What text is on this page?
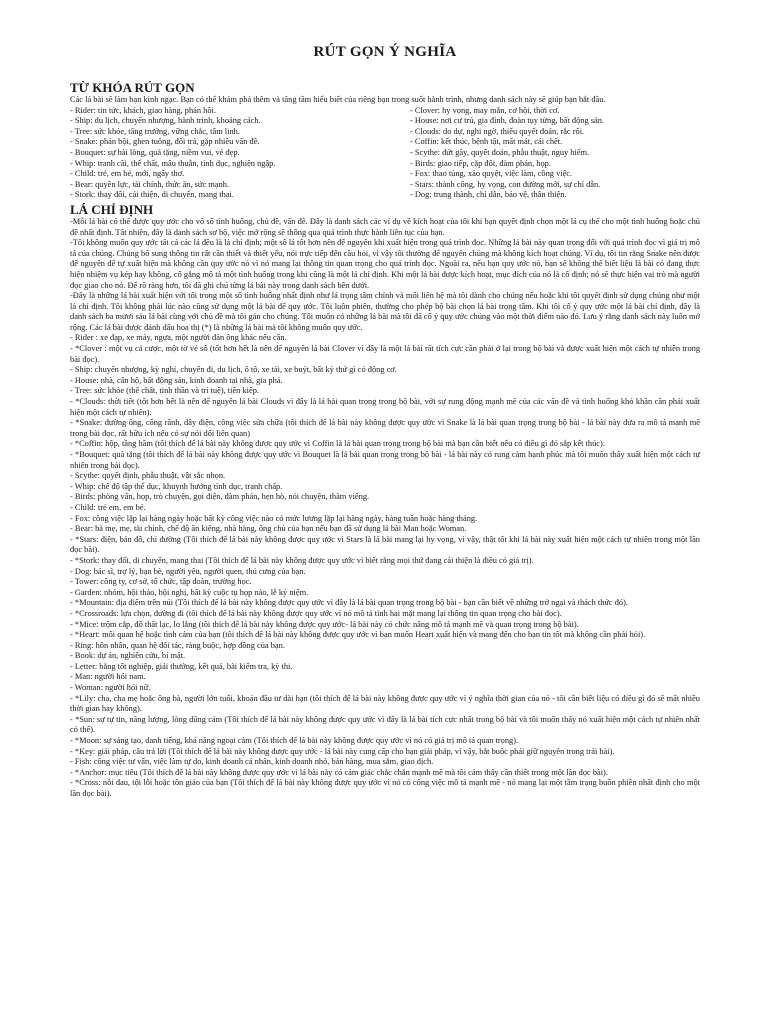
RÚT GỌN Ý NGHĨA
TỪ KHÓA RÚT GỌN

Các lá bài sẽ làm bạn kinh ngạc. Bạn có thể khám phá thêm và tăng tầm hiểu biết của riêng bạn trong suốt hành trình, nhưng danh sách này sẽ giúp bạn bắt đầu.

- Rider: tin tức, khách, giao hàng, phản hồi.	- Clover: hy vọng, may mắn, cơ hội, thời cơ.
- Ship: du lịch, chuyển nhượng, hành trình, khoảng cách.	- House: nơi cư trú, gia đình, đoàn tụy từng, bất động sản.
- Tree: sức khỏe, tăng trưởng, vững chắc, tâm linh.	- Clouds: do dự, nghi ngờ, thiếu quyết đoán, rắc rối.
- Snake: phản bội, ghen tuông, đối trá, gặp nhiều vấn đề.	- Coffin: kết thúc, bệnh tật, mất mát, cái chết.
- Bouquet: sự hài lòng, quà tặng, niềm vui, vẻ đẹp.	- Scythe: đứt gãy, quyết đoán, phẫu thuật, nguy hiểm.
- Whip: tranh cãi, thể chất, mâu thuẫn, tình dục, nghiện ngập.	- Birds: giao tiếp, cặp đôi, đàm phán, họp.
- Child: trẻ, em bé, mới, ngây thơ.	- Fox: thao túng, xảo quyệt, việc làm, công việc.
- Bear: quyền lực, tài chính, thức ăn, sức mạnh.	- Stars: thành công, hy vọng, con đường mới, sự chỉ dẫn.
- Stork: thay đổi, cải thiện, di chuyển, mang thai.	- Dog: trung thành, chỉ dẫn, bảo vệ, thân thiện.
LÁ CHỈ ĐỊNH

-Mỗi lá bài có thể được quy ước cho vô số tình huống, chủ đề, vấn đề. Đây là danh sách các ví dụ về kích hoạt của tôi khi bạn quyết định chọn một lá cụ thể cho một tình huống hoặc chủ đề nhất định. Tất nhiên, đây là danh sách sơ bộ, việc mở rộng sẽ thông qua quá trình thực hành liên tục của bạn.

-Tôi không muốn quy ước tất cả các lá đều là lá chỉ định; một số lá tốt hơn nên để nguyên khi xuất hiện trong quá trình đọc. Những lá bài này quan trọng đối với quá trình đọc vì giá trị mô tả của chúng. Chúng bổ sung thông tin rất cần thiết và thiết yếu, nói trực tiếp đến câu hỏi, vì vậy tôi thường để nguyên chúng mà không kích hoạt chúng. Ví dụ, tôi tin rằng Snake nên được để nguyên để tự xuất hiện mà không cần quy ước nó vì nó mang lại thông tin quan trọng cho quá trình đọc. Ngoài ra, nếu bạn quy ước nó, bạn sẽ không thể biết liệu lá bài có đang thực hiện nhiệm vụ kép hay không, cố gắng mô tả một tình huống trong khi cũng là một lá chỉ định. Khi một lá bài được kích hoạt, mục đích của nó là cố định; nó sẽ thực hiện vai trò mà người đọc giao cho nó. Để rõ ràng hơn, tôi đã ghi chú từng lá bài này trong danh sách bên dưới.

-Đây là những lá bài xuất hiện với tôi trong một số tình huống nhất định như lá trọng tâm chính và mối liên hệ mà tôi dành cho chúng nếu hoặc khi tôi quyết định sử dụng chúng như một lá chỉ định. Tôi không phải lúc nào cũng sử dụng một lá bài để quy ước. Tôi luôn phiên, thường cho phép bộ bài chọn lá bài trọng tâm. Khi tôi cố ý quy ước một lá bài chỉ định, đây là danh sách ba mươi sáu lá bài cùng với chủ đề mà tôi gán cho chúng. Tôi muốn có những lá bài mà tôi đã cố ý quy ước chúng vào một thời điểm nào đó. Lưu ý rằng danh sách này luôn mở rộng. Các lá bài được đánh dấu hoa thị (*) là những lá bài mà tôi không muốn quy ước.

- Rider : xe đạp, xe máy, ngựa, một người đàn ông khác nếu cần.

- *Clover : một vụ cá cược, một tờ vé số (tốt hơn hết là nên để nguyên lá bài Clover vì đây là một lá bài rất tích cực cần phải ở lại trong bộ bài và được xuất hiện một cách tự nhiên trong bài đọc).

- Ship: chuyển nhượng, kỳ nghỉ, chuyến đi, du lịch, ô tô, xe tải, xe buýt, bất kỳ thứ gì có động cơ.

- House: nhà, căn hộ, bất động sản, kinh doanh tại nhà, gia phả.

- Tree: sức khỏe (thể chất, tinh thần và trí tuệ), tiền kiếp.

- *Clouds: thời tiết (tốt hơn hết là nên để nguyên lá bài Clouds vì đây là lá bài quan trọng trong bộ bài, với sự rung động mạnh mẽ của các vấn đề và tình huống khó khăn cần phải xuất hiện một cách tự nhiên).

- *Snake: đường ống, cống rãnh, dây điện, công việc sửa chữa (tôi thích để lá bài này không được quy ước vì Snake là lá bài quan trọng trong bộ bài - lá bài này đưa ra mô tả mạnh mẽ trong bài đọc, rất hữu ích nếu có sự nói dối liên quan)

- *Coffin: hộp, tầng hầm (tôi thích để lá bài này không được quy ước vì Coffin là lá bài quan trọng trong bộ bài mà bạn cần biết nếu có điều gì đó sắp kết thúc).

- *Bouquet: quà tặng (tôi thích để lá bài này không được quy ước vì Bouquet là lá bài quan trọng trong bộ bài - lá bài này có rung cảm hạnh phúc mà tôi muốn thấy xuất hiện một cách tự nhiên trong bài đọc).

- Scythe: quyết định, phẫu thuật, vật sắc nhọn.

- Whip: chế độ tập thể dục, khuynh hướng tình dục, tranh chấp.

- Birds: phòng vấn, họp, trò chuyện, gọi điện, đàm phán, hẹn hò, nói chuyện, thăm viếng.

- Child: trẻ em, em bé.

- Fox: công việc lặp lại hàng ngày hoặc bất kỳ công việc nào có mức lương lặp lại hàng ngày, hàng tuần hoặc hàng tháng.

- Bear: bà mẹ, mẹ, tài chính, chế độ ăn kiêng, nhà hàng, ông chủ của bạn nếu bạn đã sử dụng lá bài Man hoặc Woman.

- *Stars: điện, bản đồ, chỉ đường (Tôi thích để lá bài này không được quy ước vì Stars là lá bài mang lại hy vọng, vì vậy, thật tốt khi lá bài này xuất hiện một cách tự nhiên trong một lần đọc bài).

- *Stork: thay đổi, di chuyển, mang thai (Tôi thích để lá bài này không được quy ước vì biết rằng mọi thứ đang cải thiện là điều có giá trị).

- Dog: bác sĩ, trợ lý, bạn bè, người yêu, người quen, thú cưng của bạn.

- Tower: công ty, cơ sở, tổ chức, tập đoàn, trường học.

- Garden: nhóm, hội thảo, hội nghị, bất kỳ cuộc tụ họp nào, lễ kỷ niệm.

- *Mountain: địa điểm trên núi (Tôi thích để lá bài này không được quy ước vì đây là lá bài quan trọng trong bộ bài - bạn cần biết về những trở ngại và thách thức đó).

- *Crossroads: lựa chọn, đường đi (tôi thích để lá bài này không được quy ước vì nó mô tả tình hai mặt mang lại thông tin quan trọng cho bài đọc).

- *Mice: trộm cắp, đồ thất lạc, lo lắng (tôi thích để lá bài này không được quy ước- lá bài này có chức năng mô tả mạnh mẽ và quan trọng trong bộ bài).

- *Heart: mối quan hệ hoặc tình cảm của bạn (tôi thích để lá bài này không được quy ước vì bạn muốn Heart xuất hiện và mang đến cho bạn tin tốt mà không cần phải hỏi).

- Ring: hôn nhân, quan hệ đối tác, ràng buộc, hợp đồng của bạn.

- Book: dự án, nghiên cứu, bí mật.

- Letter: bằng tốt nghiệp, giải thưởng, kết quả, bài kiểm tra, kỳ thi.

- Man: người hỏi nam.

- Woman: người hỏi nữ.

- *Lily: cha, cha mẹ hoặc ông bà, người lớn tuổi, khoản đầu tư dài hạn (tôi thích để lá bài này không được quy ước vì ý nghĩa thời gian của nó - tôi cần biết liệu có điều gì đó sẽ mất nhiều thời gian hay không).

- *Sun: sự tự tin, năng lượng, lòng dũng cảm (Tôi thích để lá bài này không được quy ước vì đây là lá bài tích cực nhất trong bộ bài và tôi muốn thấy nó xuất hiện một cách tự nhiên nhất có thể).

- *Moon: sự sáng tạo, danh tiếng, khả năng ngoại cảm (Tôi thích để lá bài này không được quy ước vì nó có giá trị mô tả quan trọng).

- *Key: giải pháp, câu trả lời (Tôi thích để lá bài này không được quy ước - lá bài này cung cấp cho bạn giải pháp, vì vậy, bắt buộc phải giữ nguyên trong trải bài).

- Fish: công việc tư vấn, việc làm tự do, kinh doanh cá nhân, kinh doanh nhỏ, bán hàng, mua sắm, giao dịch.

- *Anchor: mục tiêu (Tôi thích để lá bài này không được quy ước vì lá bài này có cảm giác chắc chắn mạnh mẽ mà tôi cảm thấy cần thiết trong một lần đọc bài).

- *Cross: nỗi đau, tội lỗi hoặc tôn giáo của bạn (Tôi thích để lá bài này không được quy ước vì nó có công việc mô tả mạnh mẽ - nó mang lại một tầm trạng buồn phiền nhất định cho một lần đọc bài).
